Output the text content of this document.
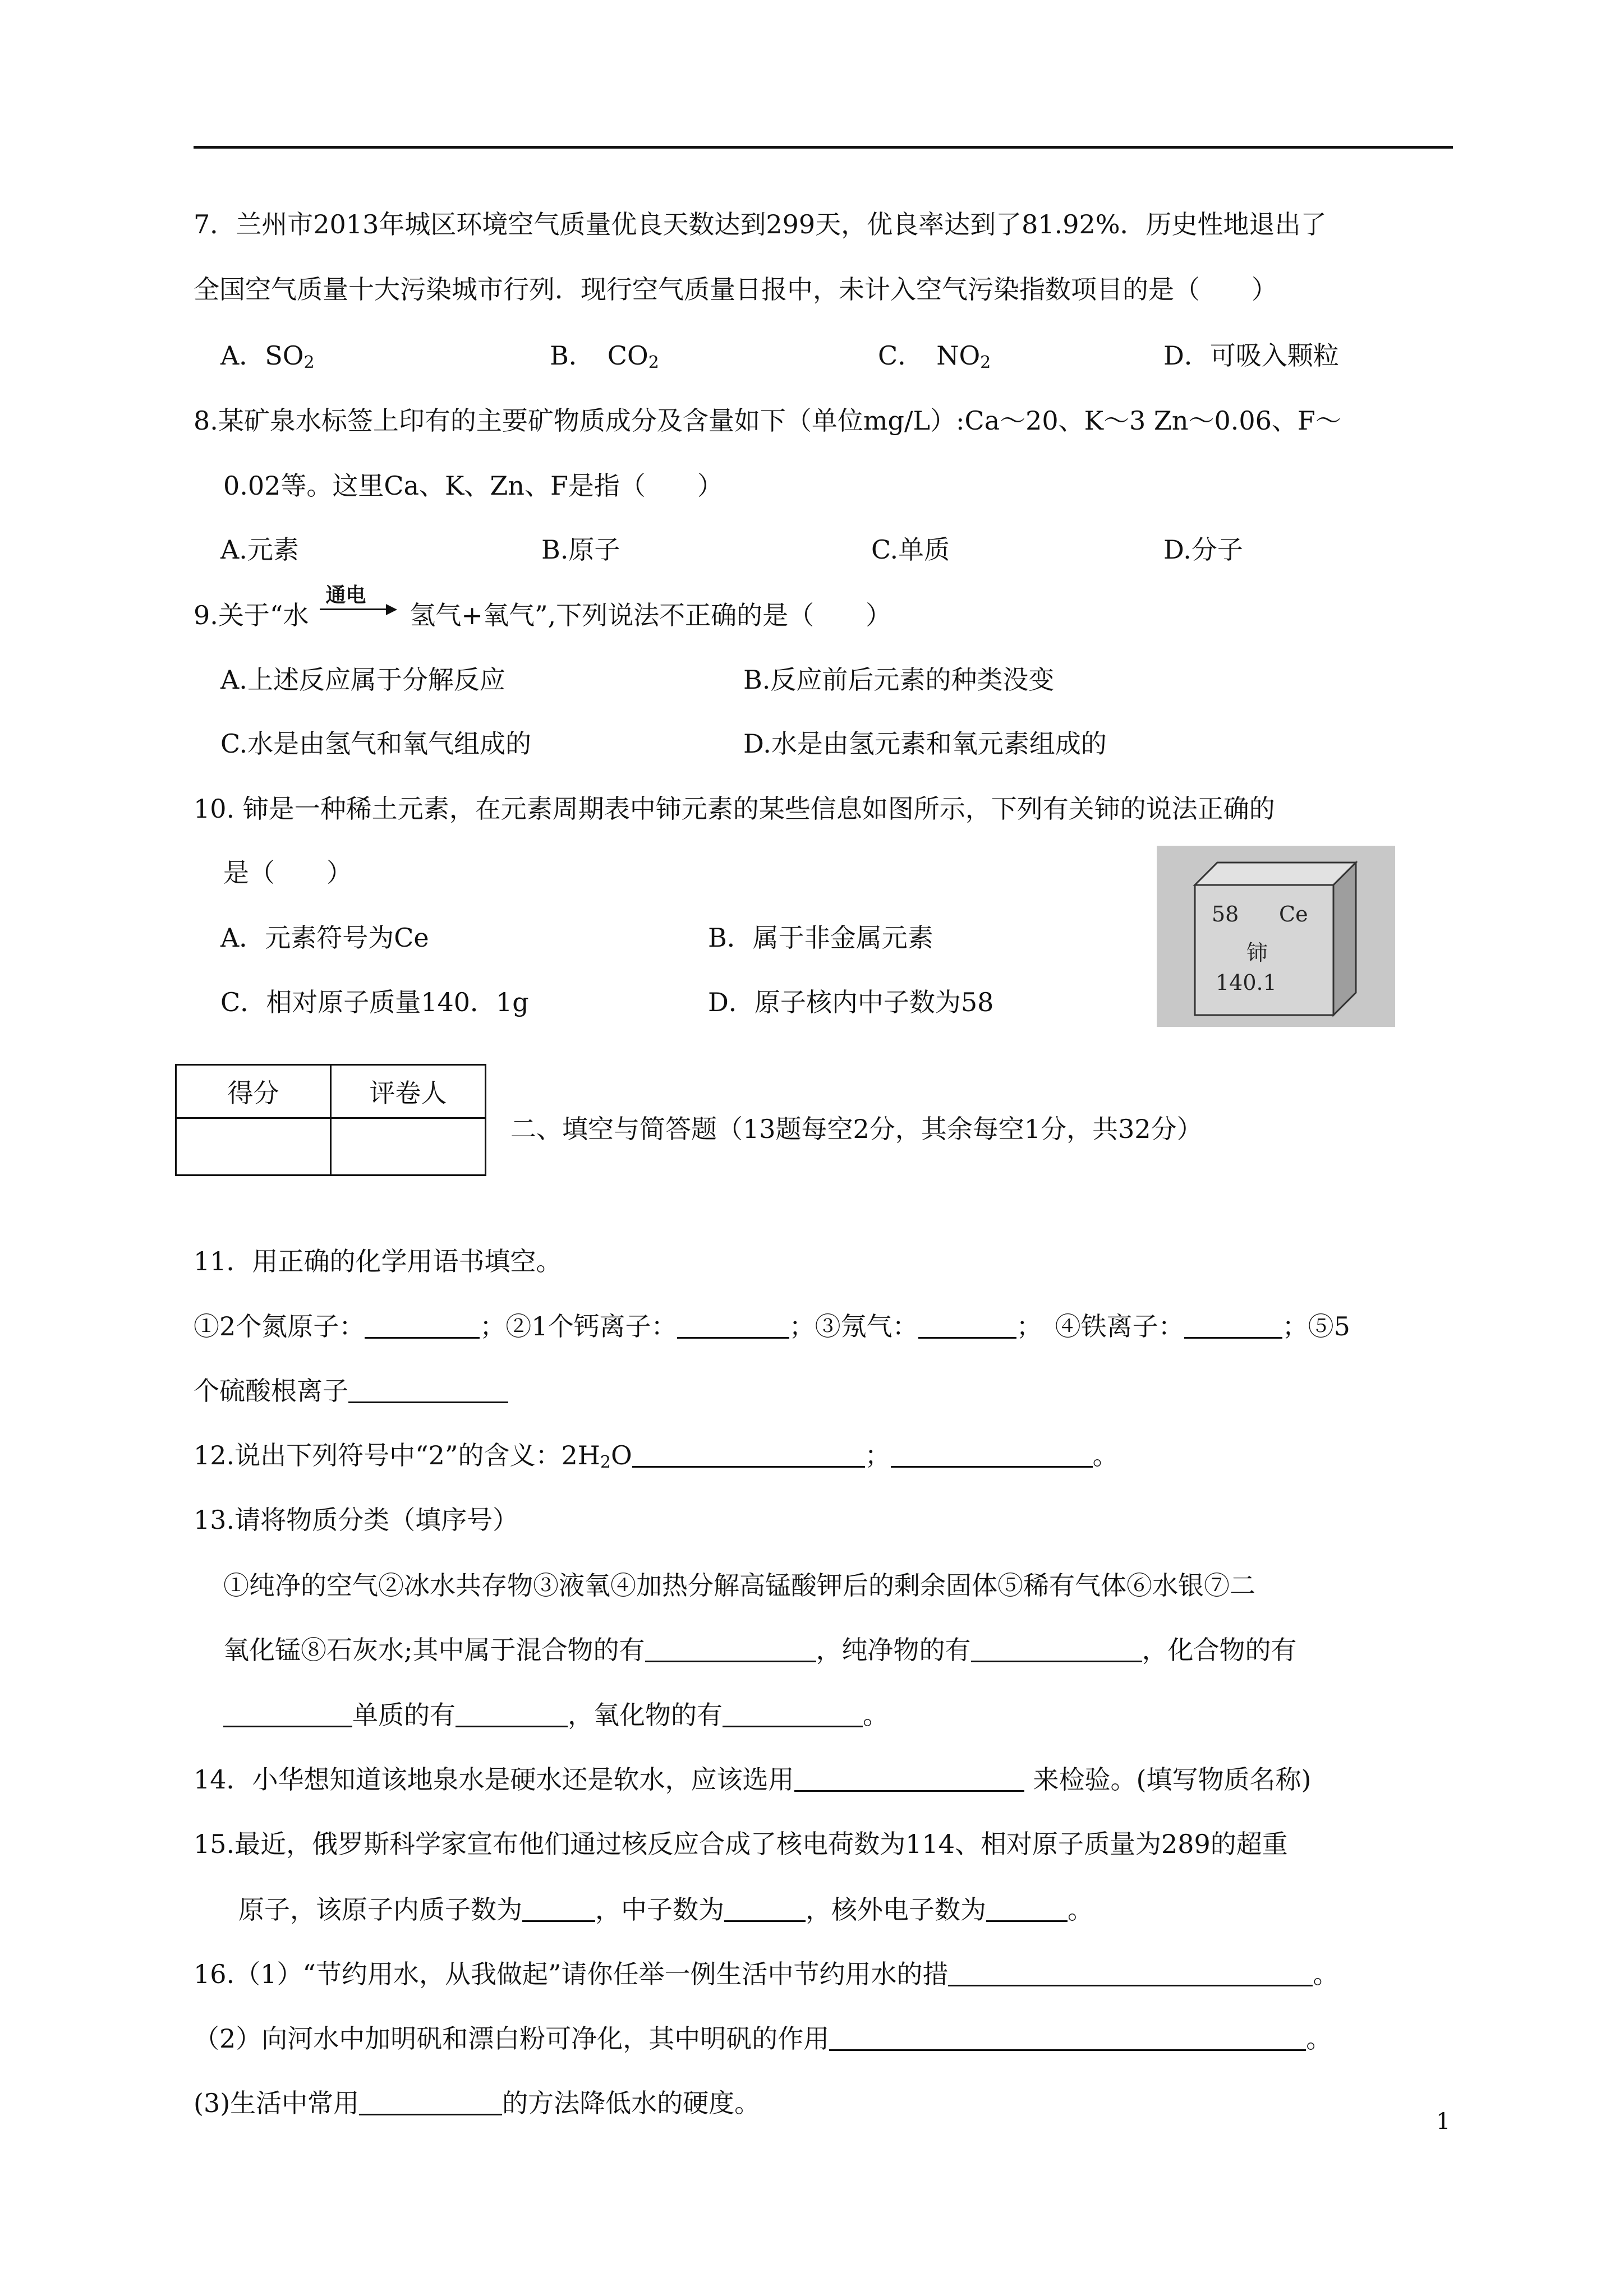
7．兰州市2013年城区环境空气质量优良天数达到299天，优良率达到了81.92%．历史性地退出了
全国空气质量十大污染城市行列．现行空气质量日报中，未计入空气污染指数项目的是（　　）
A．$SO_2$	B．　$CO_2$	C．　$NO_2$	D．可吸入颗粒
8.某矿泉水标签上印有的主要矿物质成分及含量如下（单位mg/L）:Ca～20、K～3 Zn～0.06、F～
0.02等。这里Ca、K、Zn、F是指（　　）
A.元素	B.原子	C.单质	D.分子
9.关于“水
通电
氢气+氧气”,下列说法不正确的是（　　）
A.上述反应属于分解反应	B.反应前后元素的种类没变
C.水是由氢气和氧气组成的	D.水是由氢元素和氧元素组成的
10. 铈是一种稀土元素，在元素周期表中铈元素的某些信息如图所示，下列有关铈的说法正确的
是（　　）
A．元素符号为Ce	B．属于非金属元素
C．相对原子质量140．1g	D．原子核内中子数为58
58 Ce
铈
140.1
得分	评卷人

二、填空与简答题（13题每空2分，其余每空1分，共32分）
11．用正确的化学用语书填空。
①2个氮原子：	；②1个钙离子：	；③氖气：	；　④铁离子：	；⑤5
个硫酸根离子
12.说出下列符号中“2”的含义：$2H_2O$	；	。
13.请将物质分类（填序号）
①纯净的空气②冰水共存物③液氧④加热分解高锰酸钾后的剩余固体⑤稀有气体⑥水银⑦二
氧化锰⑧石灰水;其中属于混合物的有	，纯净物的有	，化合物的有
单质的有	，氧化物的有	。
14．小华想知道该地泉水是硬水还是软水，应该选用	来检验。(填写物质名称)
15.最近，俄罗斯科学家宣布他们通过核反应合成了核电荷数为114、相对原子质量为289的超重
原子，该原子内质子数为	，中子数为	，核外电子数为	。
16.（1）“节约用水，从我做起”请你任举一例生活中节约用水的措	。
（2）向河水中加明矾和漂白粉可净化，其中明矾的作用	。
(3)生活中常用	的方法降低水的硬度。
1
